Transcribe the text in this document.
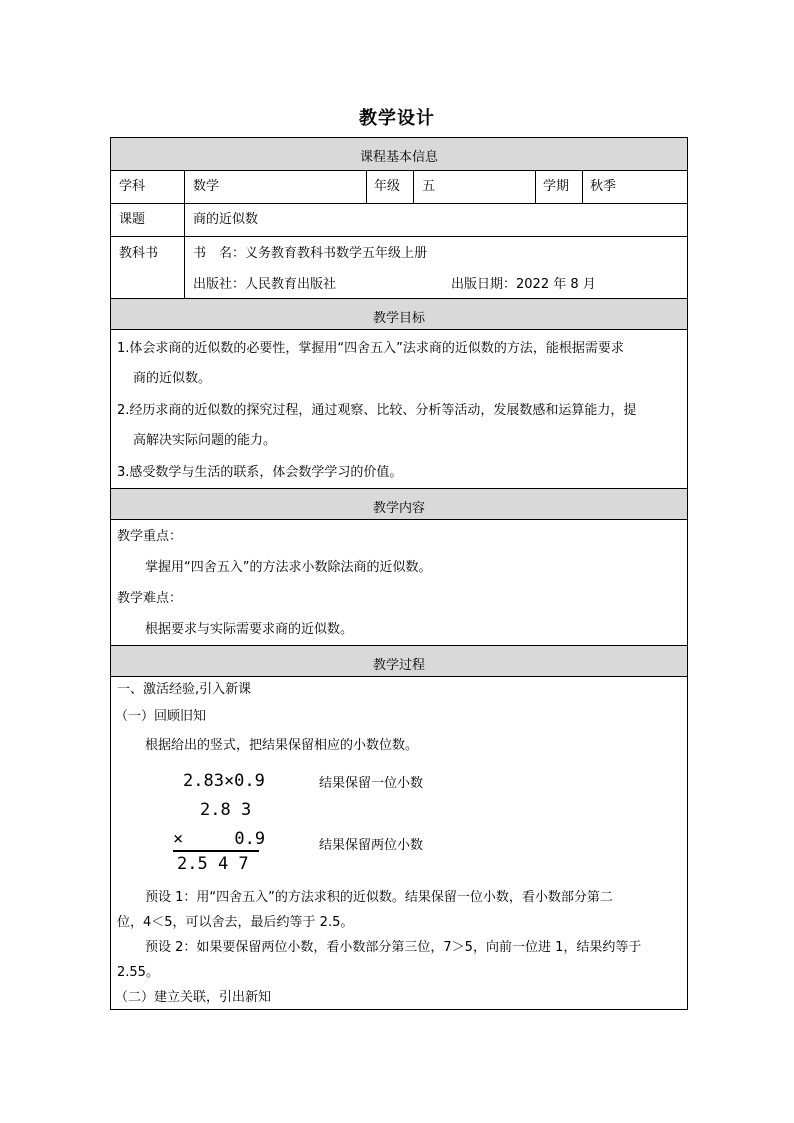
教学设计
课程基本信息
学科	数学	年级 五	学期 秋季
课题	商的近似数
教科书	书　名：义务教育教科书数学五年级上册
出版社：人民教育出版社	出版日期：2022 年 8 月
教学目标
1.体会求商的近似数的必要性，掌握用“四舍五入”法求商的近似数的方法，能根据需要求
商的近似数。
2.经历求商的近似数的探究过程，通过观察、比较、分析等活动，发展数感和运算能力，提
高解决实际问题的能力。
3.感受数学与生活的联系，体会数学学习的价值。
教学内容
教学重点：
掌握用“四舍五入”的方法求小数除法商的近似数。
教学难点：
根据要求与实际需要求商的近似数。
教学过程
一、激活经验,引入新课
（一）回顾旧知
根据给出的竖式，把结果保留相应的小数位数。
2.83×0.9	结果保留一位小数
2.8 3
×     0.9	结果保留两位小数
2.5 4 7
预设 1：用“四舍五入”的方法求积的近似数。结果保留一位小数，看小数部分第二
位，4＜5，可以舍去，最后约等于 2.5。
预设 2：如果要保留两位小数，看小数部分第三位，7＞5，向前一位进 1，结果约等于
2.55。
（二）建立关联，引出新知
